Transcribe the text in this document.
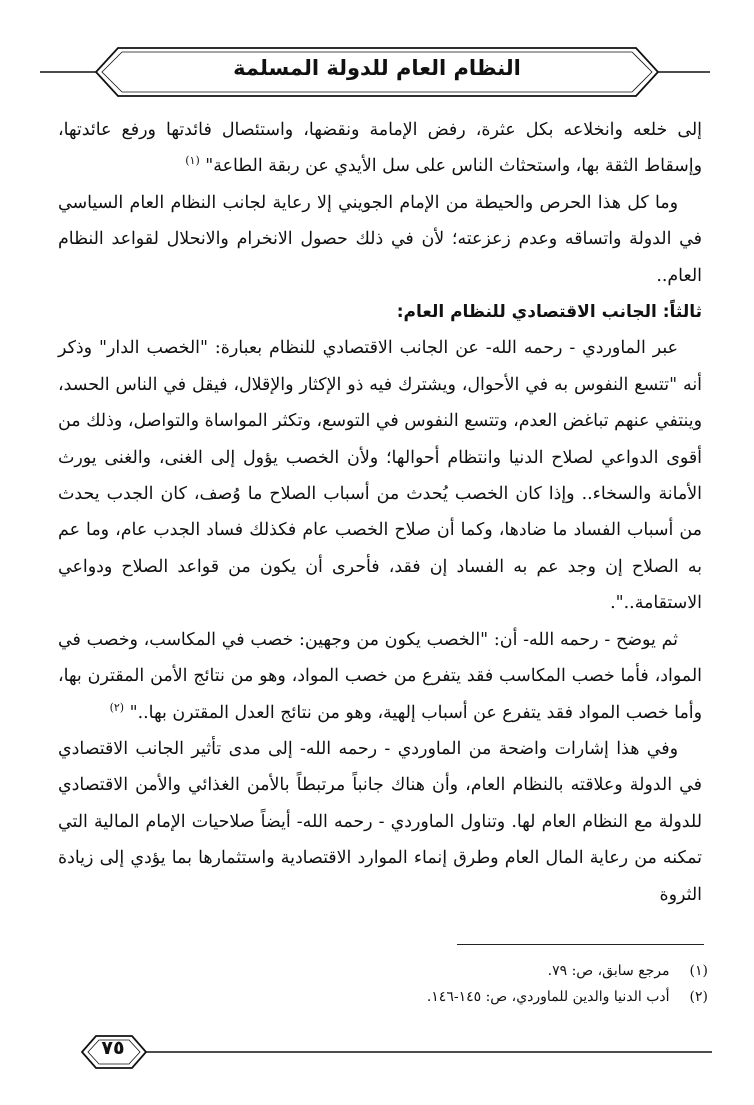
النظام العام للدولة المسلمة

إلى خلعه وانخلاعه بكل عثرة، رفض الإمامة ونقضها، واستئصال فائدتها ورفع عائدتها، وإسقاط الثقة بها، واستحثاث الناس على سل الأيدي عن ربقة الطاعة" $^{(١)}$

وما كل هذا الحرص والحيطة من الإمام الجويني إلا رعاية لجانب النظام العام السياسي في الدولة واتساقه وعدم زعزعته؛ لأن في ذلك حصول الانخرام والانحلال لقواعد النظام العام..

ثالثاً: الجانب الاقتصادي للنظام العام:

عبر الماوردي - رحمه الله- عن الجانب الاقتصادي للنظام بعبارة: "الخصب الدار" وذكر أنه "تتسع النفوس به في الأحوال، ويشترك فيه ذو الإكثار والإقلال، فيقل في الناس الحسد، وينتفي عنهم تباغض العدم، وتتسع النفوس في التوسع، وتكثر المواساة والتواصل، وذلك من أقوى الدواعي لصلاح الدنيا وانتظام أحوالها؛ ولأن الخصب يؤول إلى الغنى، والغنى يورث الأمانة والسخاء.. وإذا كان الخصب يُحدث من أسباب الصلاح ما وُصف، كان الجدب يحدث من أسباب الفساد ما ضادها، وكما أن صلاح الخصب عام فكذلك فساد الجدب عام، وما عم به الصلاح إن وجد عم به الفساد إن فقد، فأحرى أن يكون من قواعد الصلاح ودواعي الاستقامة..".

ثم يوضح - رحمه الله- أن: "الخصب يكون من وجهين: خصب في المكاسب، وخصب في المواد، فأما خصب المكاسب فقد يتفرع من خصب المواد، وهو من نتائج الأمن المقترن بها، وأما خصب المواد فقد يتفرع عن أسباب إلهية، وهو من نتائج العدل المقترن بها.." $^{(٢)}$

وفي هذا إشارات واضحة من الماوردي - رحمه الله- إلى مدى تأثير الجانب الاقتصادي في الدولة وعلاقته بالنظام العام، وأن هناك جانباً مرتبطاً بالأمن الغذائي والأمن الاقتصادي للدولة مع النظام العام لها. وتناول الماوردي - رحمه الله- أيضاً صلاحيات الإمام المالية التي تمكنه من رعاية المال العام وطرق إنماء الموارد الاقتصادية واستثمارها بما يؤدي إلى زيادة الثروة

(١) مرجع سابق، ص: ٧٩.

(٢) أدب الدنيا والدين للماوردي، ص: ١٤٥-١٤٦.

٧٥
